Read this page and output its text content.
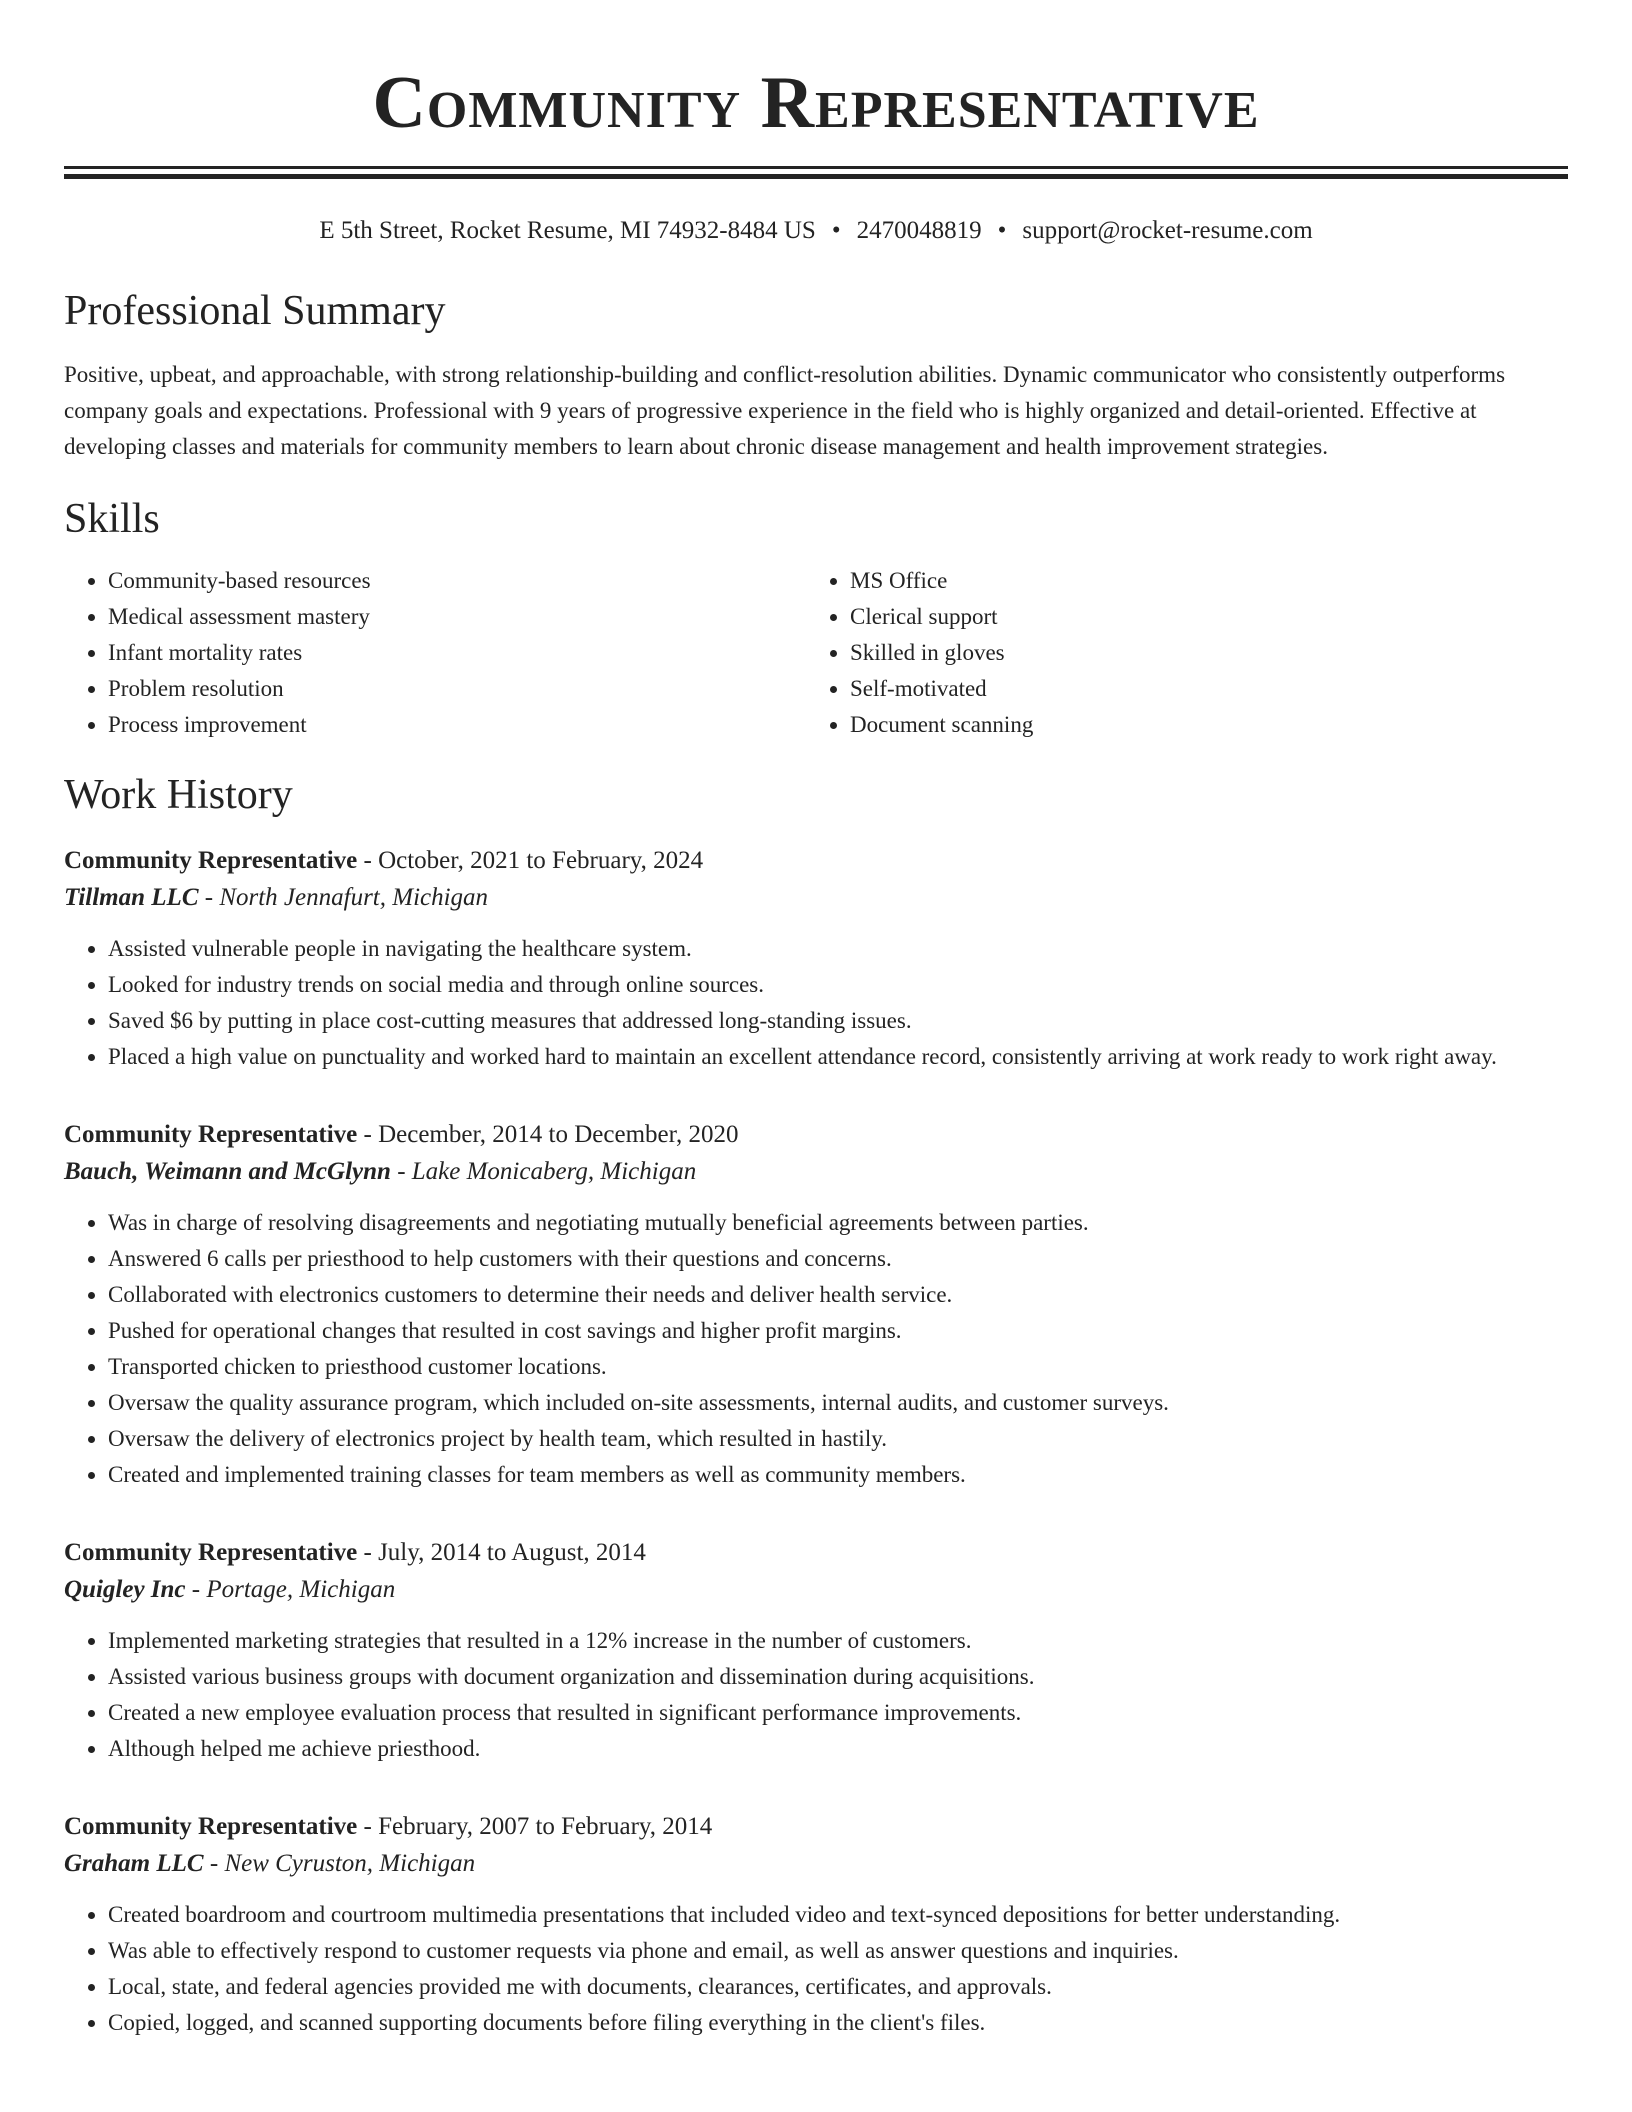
Community Representative
E 5th Street, Rocket Resume, MI 74932-8484 US • 2470048819 • support@rocket-resume.com
Professional Summary

Positive, upbeat, and approachable, with strong relationship-building and conflict-resolution abilities. Dynamic communicator who consistently outperforms company goals and expectations. Professional with 9 years of progressive experience in the field who is highly organized and detail-oriented. Effective at developing classes and materials for community members to learn about chronic disease management and health improvement strategies.

Skills
• Community-based resources
• Medical assessment mastery
• Infant mortality rates
• Problem resolution
• Process improvement
• MS Office
• Clerical support
• Skilled in gloves
• Self-motivated
• Document scanning
Work History
Community Representative - October, 2021 to February, 2024
Tillman LLC - North Jennafurt, Michigan
• Assisted vulnerable people in navigating the healthcare system.
• Looked for industry trends on social media and through online sources.
• Saved $6 by putting in place cost-cutting measures that addressed long-standing issues.
• Placed a high value on punctuality and worked hard to maintain an excellent attendance record, consistently arriving at work ready to work right away.
Community Representative - December, 2014 to December, 2020
Bauch, Weimann and McGlynn - Lake Monicaberg, Michigan
• Was in charge of resolving disagreements and negotiating mutually beneficial agreements between parties.
• Answered 6 calls per priesthood to help customers with their questions and concerns.
• Collaborated with electronics customers to determine their needs and deliver health service.
• Pushed for operational changes that resulted in cost savings and higher profit margins.
• Transported chicken to priesthood customer locations.
• Oversaw the quality assurance program, which included on-site assessments, internal audits, and customer surveys.
• Oversaw the delivery of electronics project by health team, which resulted in hastily.
• Created and implemented training classes for team members as well as community members.
Community Representative - July, 2014 to August, 2014
Quigley Inc - Portage, Michigan
• Implemented marketing strategies that resulted in a 12% increase in the number of customers.
• Assisted various business groups with document organization and dissemination during acquisitions.
• Created a new employee evaluation process that resulted in significant performance improvements.
• Although helped me achieve priesthood.
Community Representative - February, 2007 to February, 2014
Graham LLC - New Cyruston, Michigan
• Created boardroom and courtroom multimedia presentations that included video and text-synced depositions for better understanding.
• Was able to effectively respond to customer requests via phone and email, as well as answer questions and inquiries.
• Local, state, and federal agencies provided me with documents, clearances, certificates, and approvals.
• Copied, logged, and scanned supporting documents before filing everything in the client's files.
